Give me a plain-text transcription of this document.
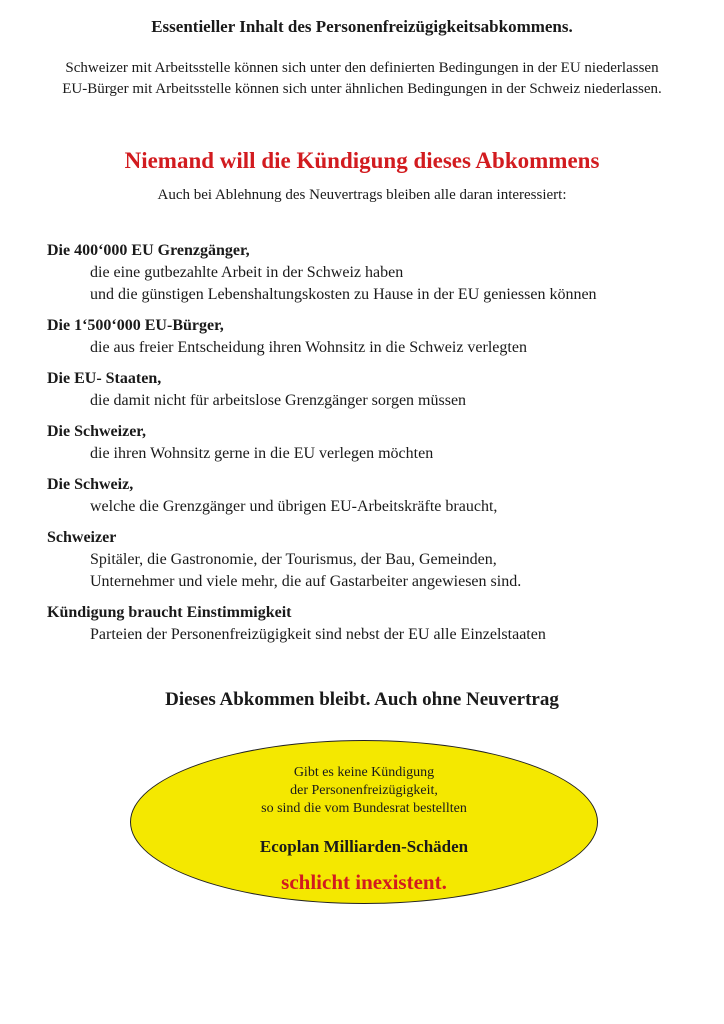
Essentieller Inhalt des Personenfreizügigkeitsabkommens.
Schweizer mit Arbeitsstelle können sich unter den definierten Bedingungen in der EU niederlassen
EU-Bürger mit Arbeitsstelle können sich unter ähnlichen Bedingungen in der Schweiz niederlassen.
Niemand will die Kündigung dieses Abkommens
Auch bei Ablehnung des Neuvertrags bleiben alle daran interessiert:
Die 400‘000 EU Grenzgänger,
die eine gutbezahlte Arbeit in der Schweiz haben
und die günstigen Lebenshaltungskosten zu Hause in der EU geniessen können
Die 1‘500‘000 EU-Bürger,
die aus freier Entscheidung ihren Wohnsitz in die Schweiz verlegten
Die EU- Staaten,
die damit nicht für arbeitslose Grenzgänger sorgen müssen
Die Schweizer,
die ihren Wohnsitz gerne in die EU verlegen möchten
Die Schweiz,
welche die Grenzgänger und übrigen EU-Arbeitskräfte braucht,
Schweizer
Spitäler, die Gastronomie, der Tourismus, der Bau, Gemeinden,
Unternehmer und viele mehr, die auf Gastarbeiter angewiesen sind.
Kündigung braucht Einstimmigkeit
Parteien der Personenfreizügigkeit sind nebst der EU alle Einzelstaaten
Dieses Abkommen bleibt. Auch ohne Neuvertrag
Gibt es keine Kündigung
der Personenfreizügigkeit,
so sind die vom Bundesrat bestellten
Ecoplan Milliarden-Schäden
schlicht inexistent.
